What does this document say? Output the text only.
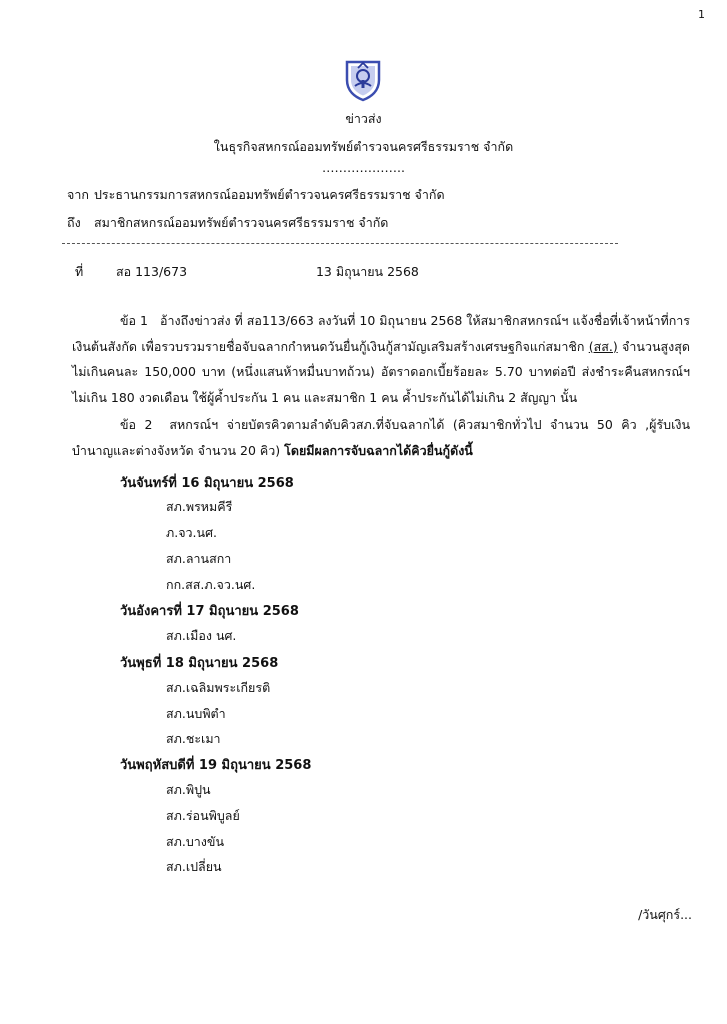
1
ข่าวส่ง
ในธุรกิจสหกรณ์ออมทรัพย์ตำรวจนครศรีธรรมราช จำกัด
………………..
จาก ประธานกรรมการสหกรณ์ออมทรัพย์ตำรวจนครศรีธรรมราช จำกัด
ถึง สมาชิกสหกรณ์ออมทรัพย์ตำรวจนครศรีธรรมราช จำกัด
ที่	สอ 113/673	13 มิถุนายน 2568
ข้อ 1 อ้างถึงข่าวส่ง ที่ สอ113/663 ลงวันที่ 10 มิถุนายน 2568 ให้สมาชิกสหกรณ์ฯ แจ้งชื่อที่เจ้าหน้าที่การเงินต้นสังกัด เพื่อรวบรวมรายชื่อจับฉลากกำหนดวันยื่นกู้เงินกู้สามัญเสริมสร้างเศรษฐกิจแก่สมาชิก (สส.) จำนวนสูงสุดไม่เกินคนละ 150,000 บาท (หนึ่งแสนห้าหมื่นบาทถ้วน) อัตราดอกเบี้ยร้อยละ 5.70 บาทต่อปี ส่งชำระคืนสหกรณ์ฯ ไม่เกิน 180 งวดเดือน ใช้ผู้ค้ำประกัน 1 คน และสมาชิก 1 คน ค้ำประกันได้ไม่เกิน 2 สัญญา นั้น
ข้อ 2 สหกรณ์ฯ จ่ายบัตรคิวตามลำดับคิวสภ.ที่จับฉลากได้ (คิวสมาชิกทั่วไป จำนวน 50 คิว ,ผู้รับเงินบำนาญและต่างจังหวัด จำนวน 20 คิว) โดยมีผลการจับฉลากได้คิวยื่นกู้ดังนี้
วันจันทร์ที่ 16 มิถุนายน 2568
สภ.พรหมคีรี
ภ.จว.นศ.
สภ.ลานสกา
กก.สส.ภ.จว.นศ.
วันอังคารที่ 17 มิถุนายน 2568
สภ.เมือง นศ.
วันพุธที่ 18 มิถุนายน 2568
สภ.เฉลิมพระเกียรติ
สภ.นบพิตำ
สภ.ชะเมา
วันพฤหัสบดีที่ 19 มิถุนายน 2568
สภ.พิปูน
สภ.ร่อนพิบูลย์
สภ.บางขัน
สภ.เปลี่ยน
/วันศุกร์...
